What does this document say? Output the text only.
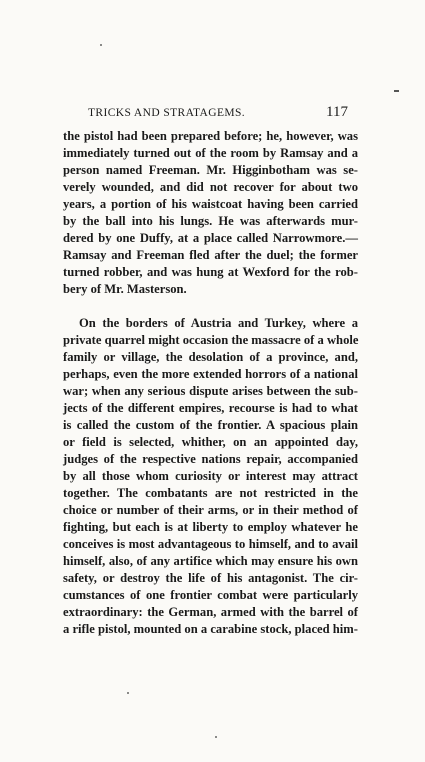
TRICKS AND STRATAGEMS.	117
the pistol had been prepared before; he, however, was
immediately turned out of the room by Ramsay and a
person named Freeman. Mr. Higginbotham was se-
verely wounded, and did not recover for about two
years, a portion of his waistcoat having been carried
by the ball into his lungs. He was afterwards mur-
dered by one Duffy, at a place called Narrowmore.—
Ramsay and Freeman fled after the duel; the former
turned robber, and was hung at Wexford for the rob-
bery of Mr. Masterson.
On the borders of Austria and Turkey, where a
private quarrel might occasion the massacre of a whole
family or village, the desolation of a province, and,
perhaps, even the more extended horrors of a national
war; when any serious dispute arises between the sub-
jects of the different empires, recourse is had to what
is called the custom of the frontier. A spacious plain
or field is selected, whither, on an appointed day,
judges of the respective nations repair, accompanied
by all those whom curiosity or interest may attract
together. The combatants are not restricted in the
choice or number of their arms, or in their method of
fighting, but each is at liberty to employ whatever he
conceives is most advantageous to himself, and to avail
himself, also, of any artifice which may ensure his own
safety, or destroy the life of his antagonist. The cir-
cumstances of one frontier combat were particularly
extraordinary: the German, armed with the barrel of
a rifle pistol, mounted on a carabine stock, placed him-
